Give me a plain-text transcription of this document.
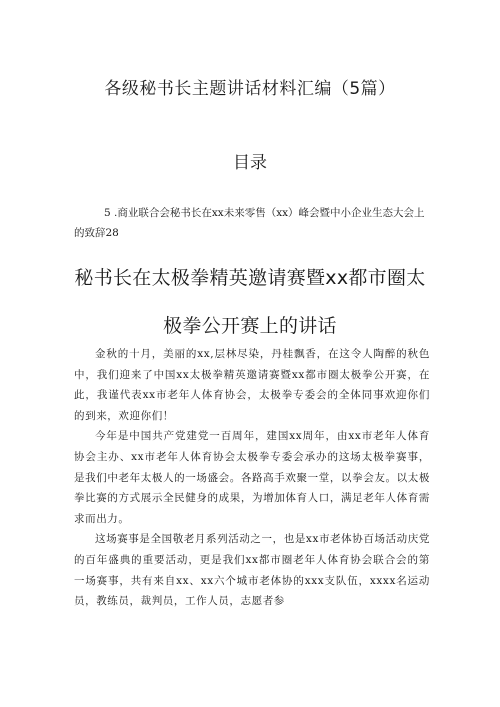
各级秘书长主题讲话材料汇编（5篇）
目录
5 .商业联合会秘书长在xx未来零售（xx）峰会暨中小企业生态大会上的致辞28
秘书长在太极拳精英邀请赛暨xx都市圈太
极拳公开赛上的讲话

金秋的十月，美丽的xx,层林尽染，丹桂飘香，在这令人陶醉的秋色中，我们迎来了中国xx太极拳精英邀请赛暨xx都市圈太极拳公开赛，在此，我谨代表xx市老年人体育协会，太极拳专委会的全体同事欢迎你们的到来，欢迎你们！

今年是中国共产党建党一百周年，建国xx周年，由xx市老年人体育协会主办、xx市老年人体育协会太极拳专委会承办的这场太极拳赛事，是我们中老年太极人的一场盛会。各路高手欢聚一堂，以拳会友。以太极拳比赛的方式展示全民健身的成果，为增加体育人口，满足老年人体育需求而出力。

这场赛事是全国敬老月系列活动之一，也是xx市老体协百场活动庆党的百年盛典的重要活动，更是我们xx都市圈老年人体育协会联合会的第一场赛事，共有来自xx、xx六个城市老体协的xxx支队伍，xxxx名运动员，教练员，裁判员，工作人员，志愿者参
